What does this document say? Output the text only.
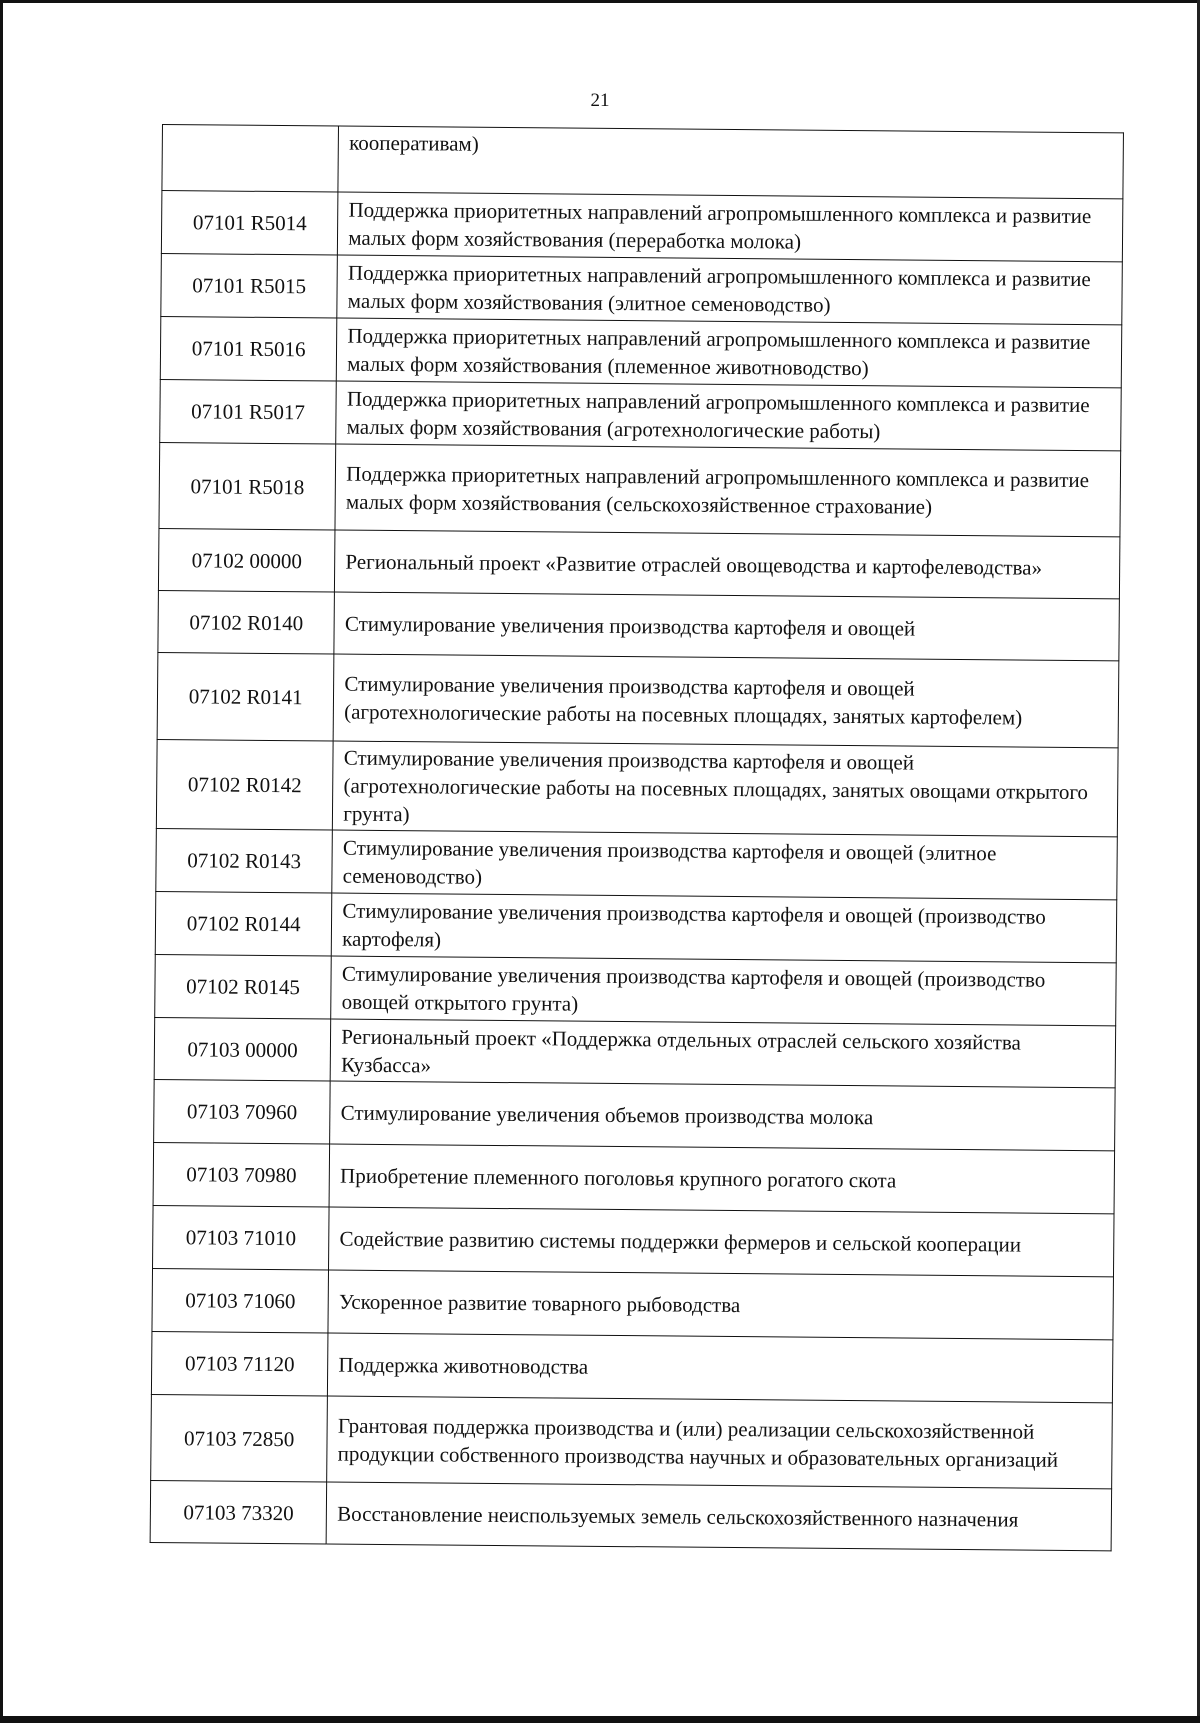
21
	кооперативам)
07101 R5014	Поддержка приоритетных направлений агропромышленного комплекса и развитие малых форм хозяйствования (переработка молока)
07101 R5015	Поддержка приоритетных направлений агропромышленного комплекса и развитие малых форм хозяйствования (элитное семеноводство)
07101 R5016	Поддержка приоритетных направлений агропромышленного комплекса и развитие малых форм хозяйствования (племенное животноводство)
07101 R5017	Поддержка приоритетных направлений агропромышленного комплекса и развитие малых форм хозяйствования (агротехнологические работы)
07101 R5018	Поддержка приоритетных направлений агропромышленного комплекса и развитие малых форм хозяйствования (сельскохозяйственное страхование)
07102 00000	Региональный проект «Развитие отраслей овощеводства и картофелеводства»
07102 R0140	Стимулирование увеличения производства картофеля и овощей
07102 R0141	Стимулирование увеличения производства картофеля и овощей (агротехнологические работы на посевных площадях, занятых картофелем)
07102 R0142	Стимулирование увеличения производства картофеля и овощей (агротехнологические работы на посевных площадях, занятых овощами открытого грунта)
07102 R0143	Стимулирование увеличения производства картофеля и овощей (элитное семеноводство)
07102 R0144	Стимулирование увеличения производства картофеля и овощей (производство картофеля)
07102 R0145	Стимулирование увеличения производства картофеля и овощей (производство овощей открытого грунта)
07103 00000	Региональный проект «Поддержка отдельных отраслей сельского хозяйства Кузбасса»
07103 70960	Стимулирование увеличения объемов производства молока
07103 70980	Приобретение племенного поголовья крупного рогатого скота
07103 71010	Содействие развитию системы поддержки фермеров и сельской кооперации
07103 71060	Ускоренное развитие товарного рыбоводства
07103 71120	Поддержка животноводства
07103 72850	Грантовая поддержка производства и (или) реализации сельскохозяйственной продукции собственного производства научных и образовательных организаций
07103 73320	Восстановление неиспользуемых земель сельскохозяйственного назначения
